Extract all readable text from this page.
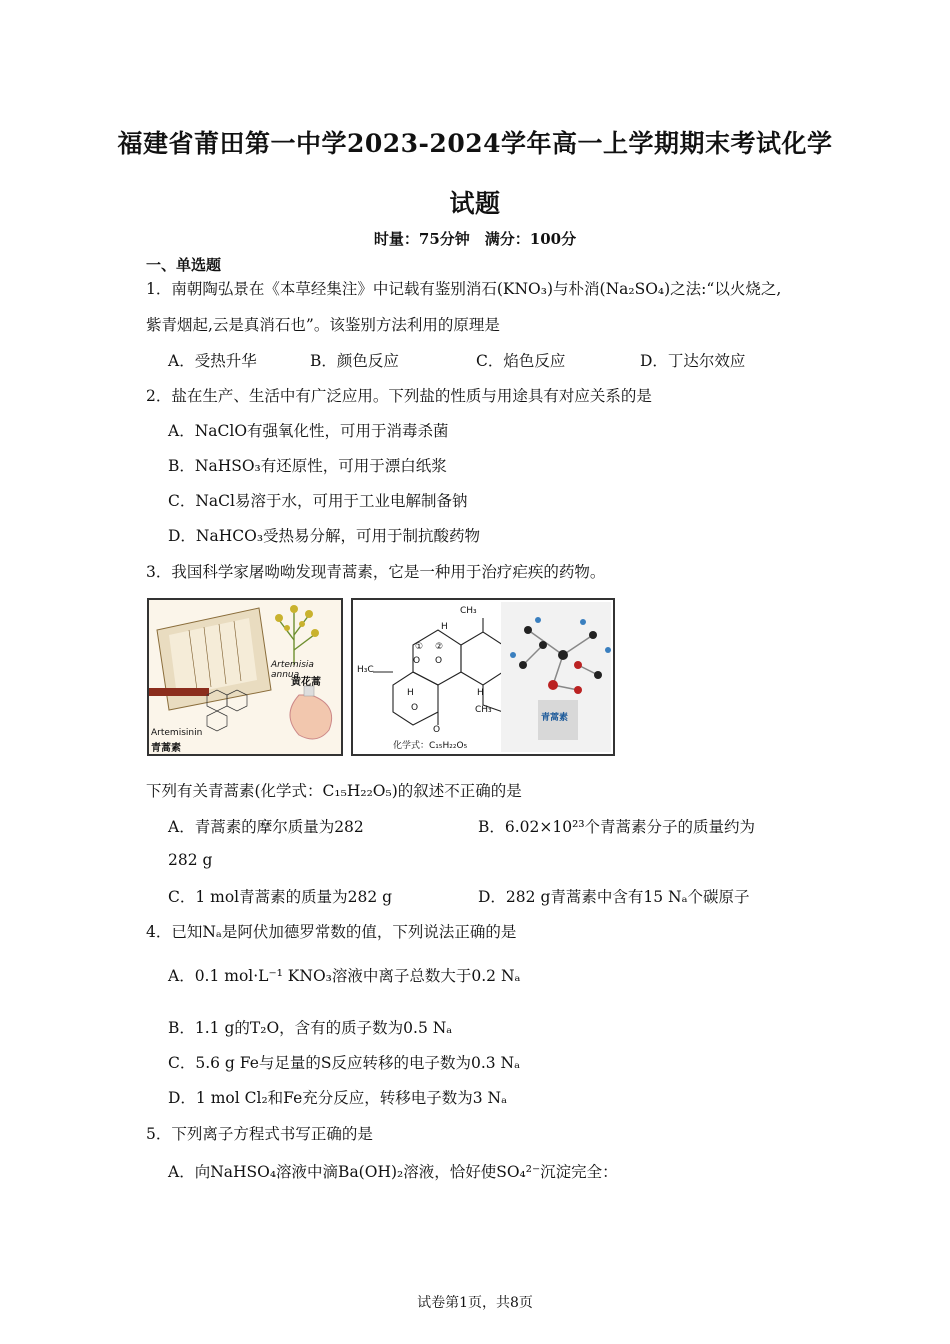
福建省莆田第一中学2023-2024学年高一上学期期末考试化学
试题
时量：75分钟　满分：100分
一、单选题
1．南朝陶弘景在《本草经集注》中记载有鉴别消石(KNO₃)与朴消(Na₂SO₄)之法:“以火烧之,
紫青烟起,云是真消石也”。该鉴别方法利用的原理是
A．受热升华	B．颜色反应	C．焰色反应	D．丁达尔效应
2．盐在生产、生活中有广泛应用。下列盐的性质与用途具有对应关系的是
A．NaClO有强氧化性，可用于消毒杀菌
B．NaHSO₃有还原性，可用于漂白纸浆
C．NaCl易溶于水，可用于工业电解制备钠
D．NaHCO₃受热易分解，可用于制抗酸药物
3．我国科学家屠呦呦发现青蒿素，它是一种用于治疗疟疾的药物。
Artemisia annua
黄花蒿
Artemisinin
青蒿素
CH₃
H
H₃C
O O
H
O
H
CH₃
O
① ②
化学式：C₁₅H₂₂O₅
青蒿素
下列有关青蒿素(化学式：C₁₅H₂₂O₅)的叙述不正确的是
A．青蒿素的摩尔质量为282	B．6.02×10²³个青蒿素分子的质量约为
282 g
C．1 mol青蒿素的质量为282 g	D．282 g青蒿素中含有15 Nₐ个碳原子
4．已知Nₐ是阿伏加德罗常数的值，下列说法正确的是
A．0.1 mol·L⁻¹ KNO₃溶液中离子总数大于0.2 Nₐ
B．1.1 g的T₂O，含有的质子数为0.5 Nₐ
C．5.6 g Fe与足量的S反应转移的电子数为0.3 Nₐ
D．1 mol Cl₂和Fe充分反应，转移电子数为3 Nₐ
5．下列离子方程式书写正确的是
A．向NaHSO₄溶液中滴Ba(OH)₂溶液，恰好使SO₄²⁻沉淀完全：
试卷第1页，共8页
